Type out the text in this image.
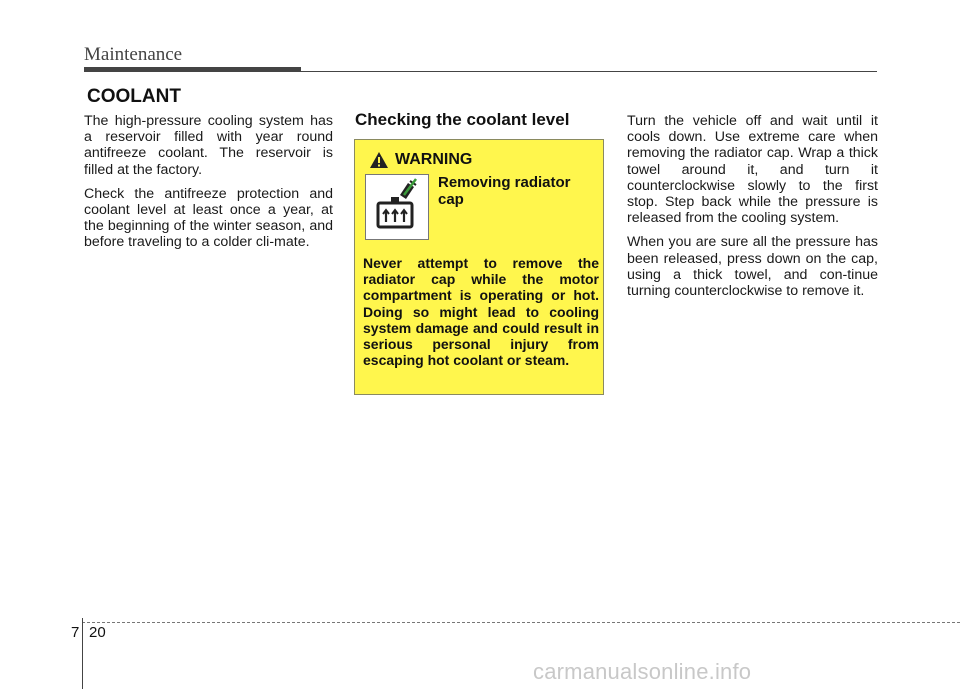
Maintenance
COOLANT

The high-pressure cooling system has a reservoir filled with year round antifreeze coolant. The reservoir is filled at the factory.

Check the antifreeze protection and coolant level at least once a year, at the beginning of the winter season, and before traveling to a colder cli-mate.

Checking the coolant level
WARNING
Removing radiator cap
Never attempt to remove the radiator cap while the motor compartment is operating or hot. Doing so might lead to cooling system damage and could result in serious personal injury from escaping hot coolant or steam.

Turn the vehicle off and wait until it cools down. Use extreme care when removing the radiator cap. Wrap a thick towel around it, and turn it counterclockwise slowly to the first stop. Step back while the pressure is released from the cooling system.

When you are sure all the pressure has been released, press down on the cap, using a thick towel, and con-tinue turning counterclockwise to remove it.

7 20
carmanualsonline.info
